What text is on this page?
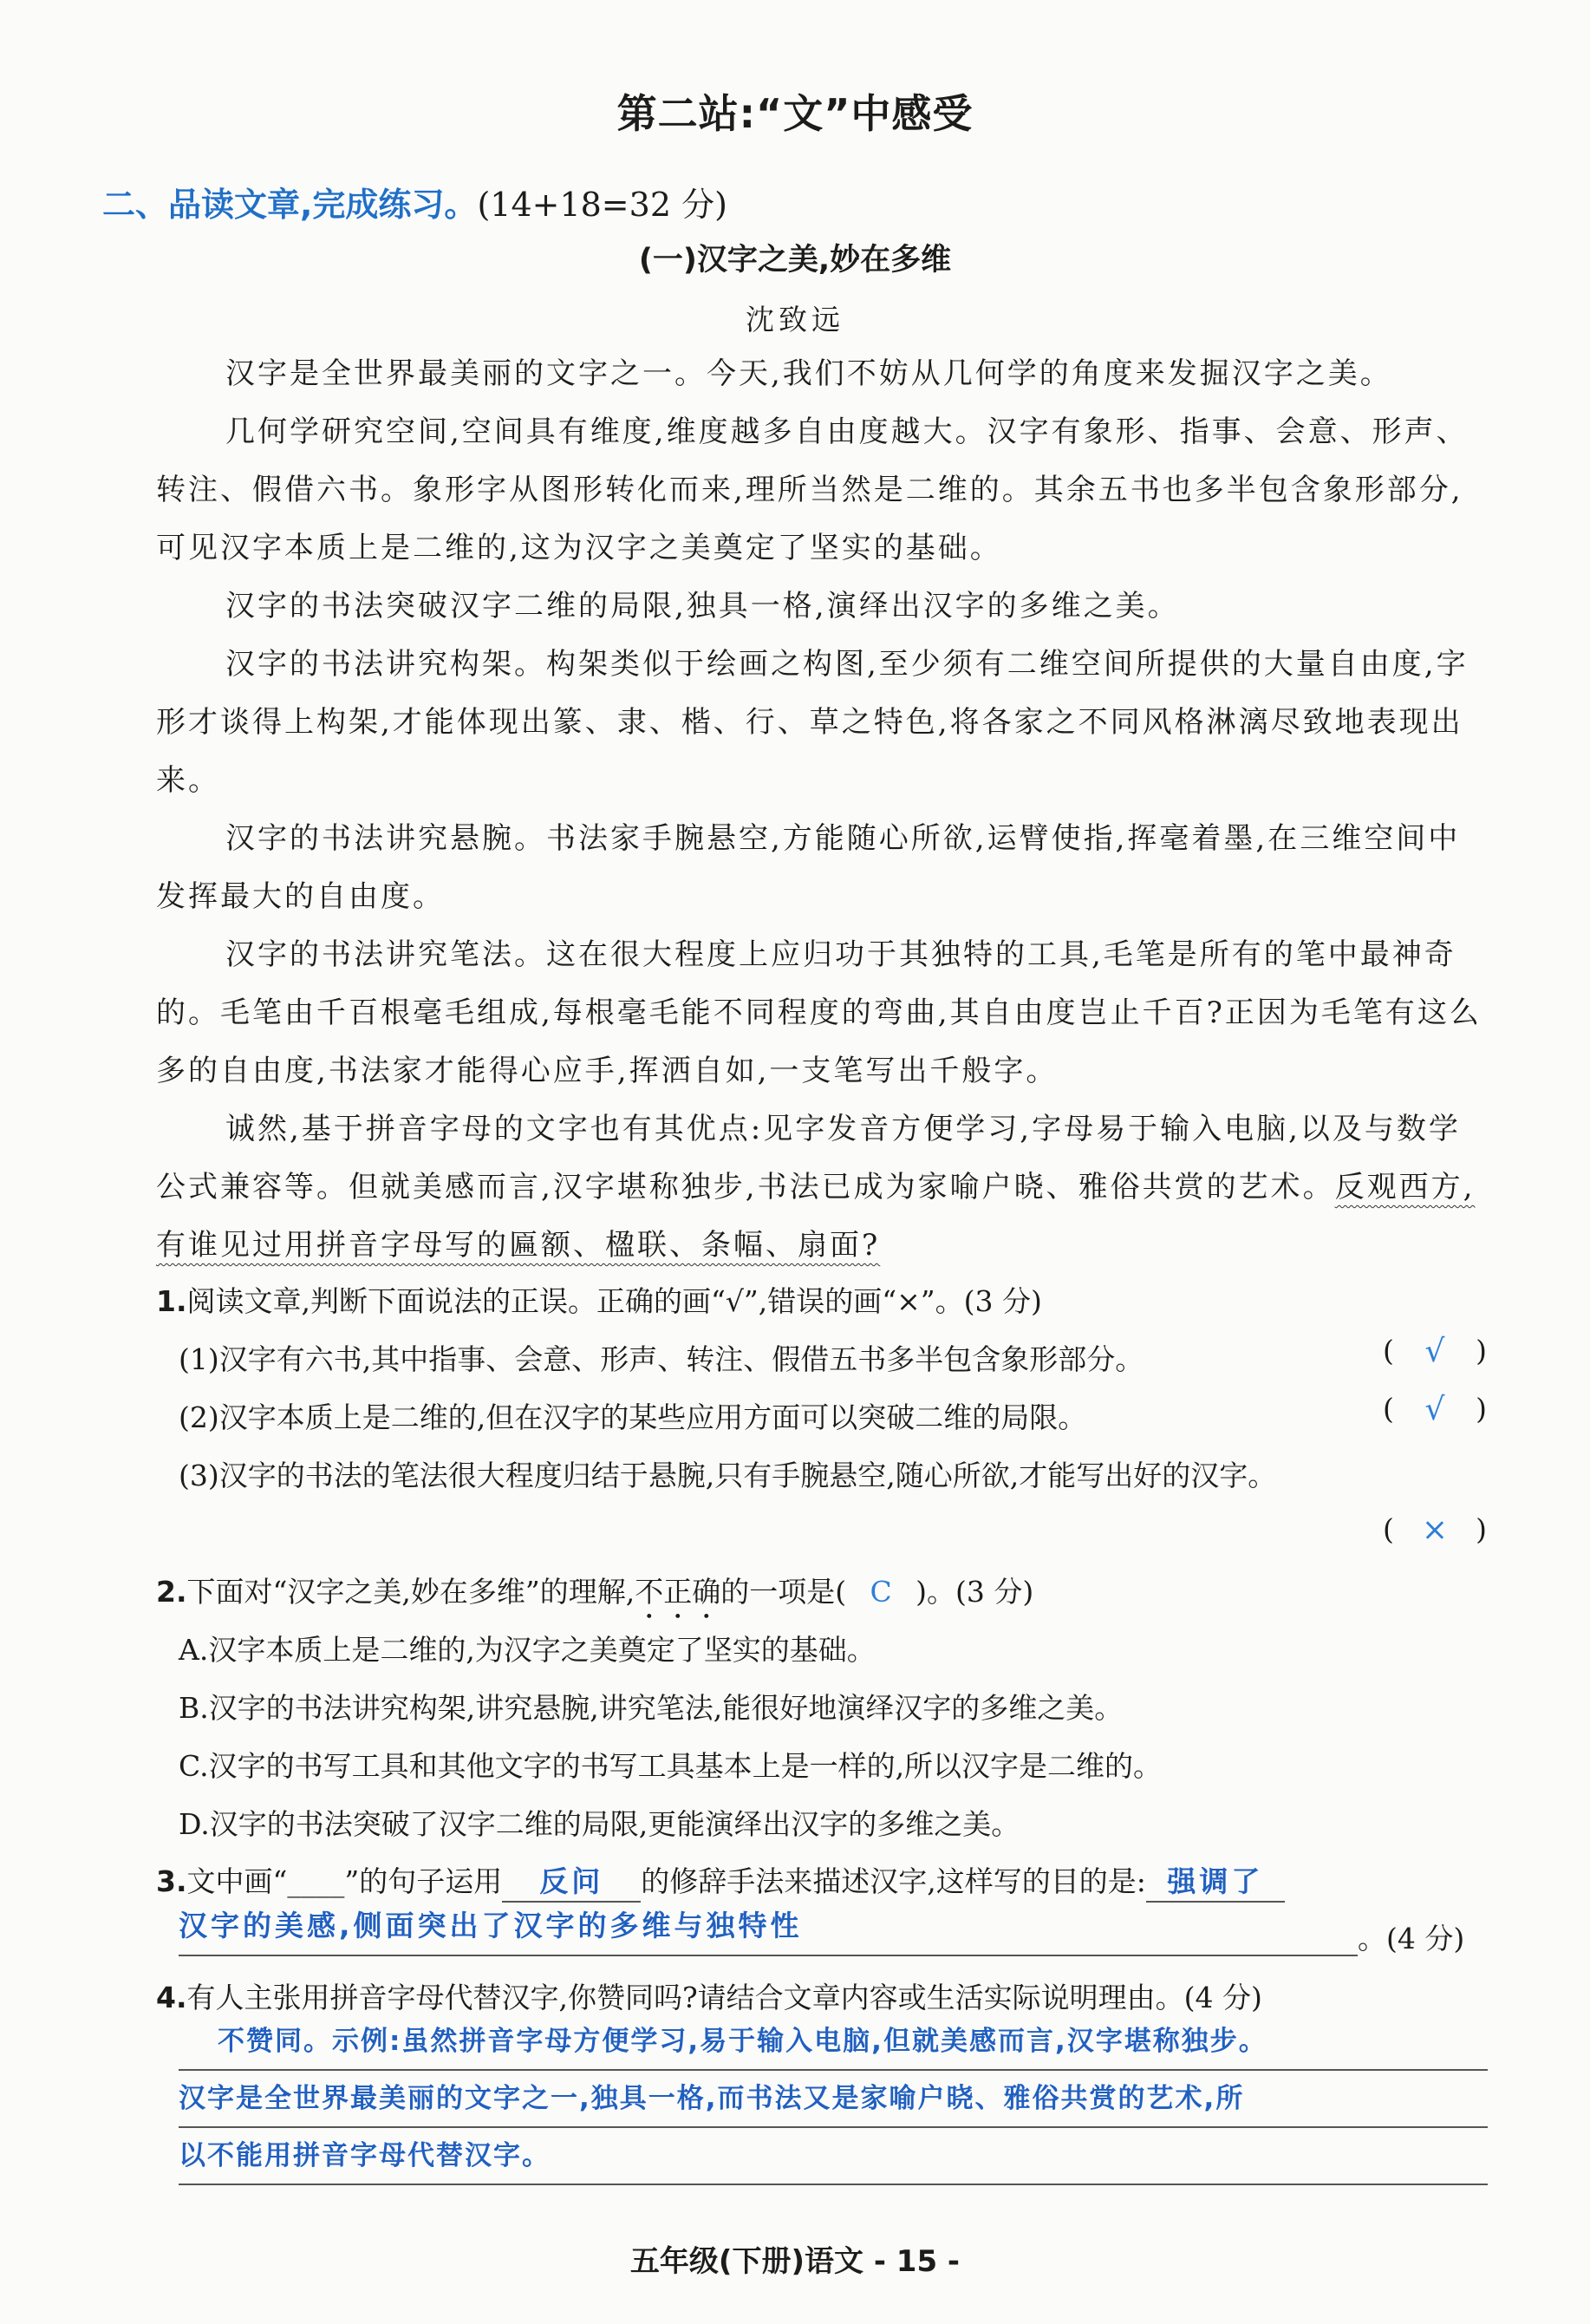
第二站:“文”中感受
二、品读文章,完成练习。(14+18=32 分)
(一)汉字之美,妙在多维
沈致远

汉字是全世界最美丽的文字之一。今天,我们不妨从几何学的角度来发掘汉字之美。

几何学研究空间,空间具有维度,维度越多自由度越大。汉字有象形、指事、会意、形声、转注、假借六书。象形字从图形转化而来,理所当然是二维的。其余五书也多半包含象形部分,可见汉字本质上是二维的,这为汉字之美奠定了坚实的基础。

汉字的书法突破汉字二维的局限,独具一格,演绎出汉字的多维之美。

汉字的书法讲究构架。构架类似于绘画之构图,至少须有二维空间所提供的大量自由度,字形才谈得上构架,才能体现出篆、隶、楷、行、草之特色,将各家之不同风格淋漓尽致地表现出来。

汉字的书法讲究悬腕。书法家手腕悬空,方能随心所欲,运臂使指,挥毫着墨,在三维空间中发挥最大的自由度。

汉字的书法讲究笔法。这在很大程度上应归功于其独特的工具,毛笔是所有的笔中最神奇的。毛笔由千百根毫毛组成,每根毫毛能不同程度的弯曲,其自由度岂止千百?正因为毛笔有这么多的自由度,书法家才能得心应手,挥洒自如,一支笔写出千般字。

诚然,基于拼音字母的文字也有其优点:见字发音方便学习,字母易于输入电脑,以及与数学公式兼容等。但就美感而言,汉字堪称独步,书法已成为家喻户晓、雅俗共赏的艺术。反观西方,有谁见过用拼音字母写的匾额、楹联、条幅、扇面?

1.阅读文章,判断下面说法的正误。正确的画“√”,错误的画“×”。(3 分)
(1)汉字有六书,其中指事、会意、形声、转注、假借五书多半包含象形部分。	( √ )
(2)汉字本质上是二维的,但在汉字的某些应用方面可以突破二维的局限。	( √ )
(3)汉字的书法的笔法很大程度归结于悬腕,只有手腕悬空,随心所欲,才能写出好的汉字。
( × )
2.下面对“汉字之美,妙在多维”的理解,不正确的一项是( C )。(3 分)
A.汉字本质上是二维的,为汉字之美奠定了坚实的基础。
B.汉字的书法讲究构架,讲究悬腕,讲究笔法,能很好地演绎汉字的多维之美。
C.汉字的书写工具和其他文字的书写工具基本上是一样的,所以汉字是二维的。
D.汉字的书法突破了汉字二维的局限,更能演绎出汉字的多维之美。
3.文中画“____”的句子运用 反问 的修辞手法来描述汉字,这样写的目的是: 强调了
汉字的美感,侧面突出了汉字的多维与独特性	。(4 分)
4.有人主张用拼音字母代替汉字,你赞同吗?请结合文章内容或生活实际说明理由。(4 分)
不赞同。示例:虽然拼音字母方便学习,易于输入电脑,但就美感而言,汉字堪称独步。
汉字是全世界最美丽的文字之一,独具一格,而书法又是家喻户晓、雅俗共赏的艺术,所
以不能用拼音字母代替汉字。
五年级(下册)语文 - 15 -
